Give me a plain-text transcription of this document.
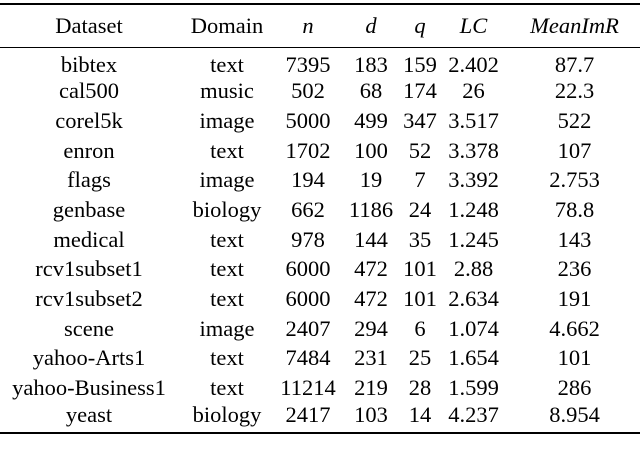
Dataset	Domain	n	d	q	LC	MeanImR
bibtex	text	7395	183	159	2.402	87.7
cal500	music	502	68	174	26	22.3
corel5k	image	5000	499	347	3.517	522
enron	text	1702	100	52	3.378	107
flags	image	194	19	7	3.392	2.753
genbase	biology	662	1186	24	1.248	78.8
medical	text	978	144	35	1.245	143
rcv1subset1	text	6000	472	101	2.88	236
rcv1subset2	text	6000	472	101	2.634	191
scene	image	2407	294	6	1.074	4.662
yahoo-Arts1	text	7484	231	25	1.654	101
yahoo-Business1	text	11214	219	28	1.599	286
yeast	biology	2417	103	14	4.237	8.954
